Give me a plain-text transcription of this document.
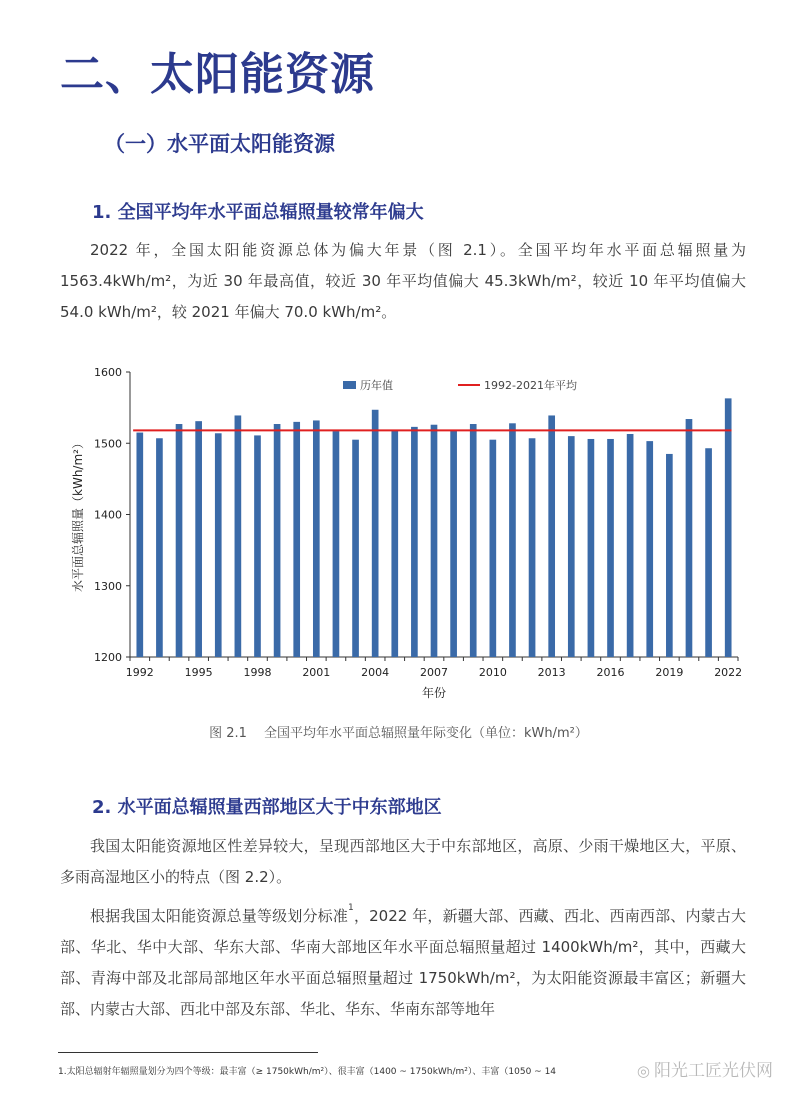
二、太阳能资源
（一）水平面太阳能资源
1. 全国平均年水平面总辐照量较常年偏大

2022 年，全国太阳能资源总体为偏大年景（图 2.1）。全国平均年水平面总辐照量为 1563.4kWh/m²，为近 30 年最高值，较近 30 年平均值偏大 45.3kWh/m²，较近 10 年平均值偏大 54.0 kWh/m²，较 2021 年偏大 70.0 kWh/m²。

1200
1300
1400
1500
1600
1992	1995	1998	2001	2004	2007	2010	2013	2016	2019	2022
历年值	1992-2021年平均
年份
水平面总辐照量（kWh/m²）

图 2.1　 全国平均年水平面总辐照量年际变化（单位：kWh/m²）

2. 水平面总辐照量西部地区大于中东部地区

我国太阳能资源地区性差异较大，呈现西部地区大于中东部地区，高原、少雨干燥地区大，平原、多雨高湿地区小的特点（图 2.2）。

根据我国太阳能资源总量等级划分标准$^1$，2022 年，新疆大部、西藏、西北、西南西部、内蒙古大部、华北、华中大部、华东大部、华南大部地区年水平面总辐照量超过 1400kWh/m²，其中，西藏大部、青海中部及北部局部地区年水平面总辐照量超过 1750kWh/m²，为太阳能资源最丰富区；新疆大部、内蒙古大部、西北中部及东部、华北、华东、华南东部等地年

1.太阳总辐射年辐照量划分为四个等级：最丰富（≥ 1750kWh/m²）、很丰富（1400 ~ 1750kWh/m²）、丰富（1050 ~ 14	◎ 阳光工匠光伏网
